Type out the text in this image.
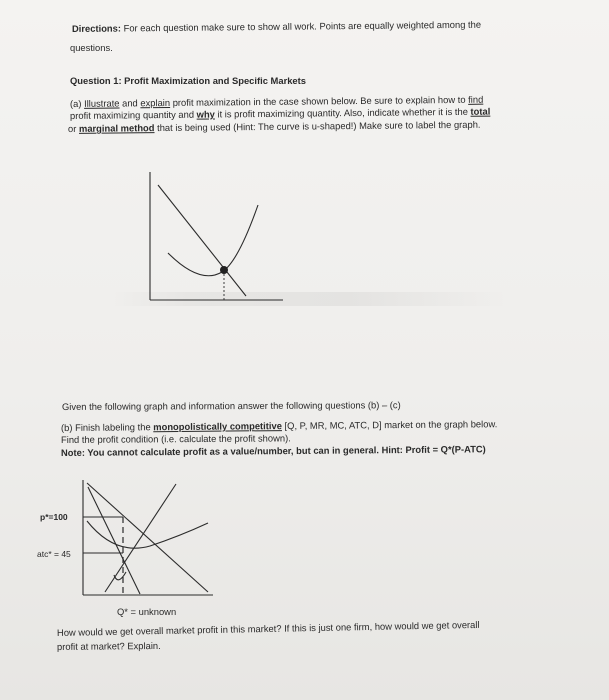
Directions: For each question make sure to show all work. Points are equally weighted among the
questions.
Question 1: Profit Maximization and Specific Markets
(a) Illustrate and explain profit maximization in the case shown below. Be sure to explain how to find
profit maximizing quantity and why it is profit maximizing quantity. Also, indicate whether it is the total
or marginal method that is being used (Hint: The curve is u-shaped!) Make sure to label the graph.
Given the following graph and information answer the following questions (b) – (c)
(b) Finish labeling the monopolistically competitive [Q, P, MR, MC, ATC, D] market on the graph below.
Find the profit condition (i.e. calculate the profit shown).
Note: You cannot calculate profit as a value/number, but can in general. Hint: Profit = Q*(P-ATC)
p*=100
atc* = 45
Q* = unknown
How would we get overall market profit in this market? If this is just one firm, how would we get overall
profit at market? Explain.
